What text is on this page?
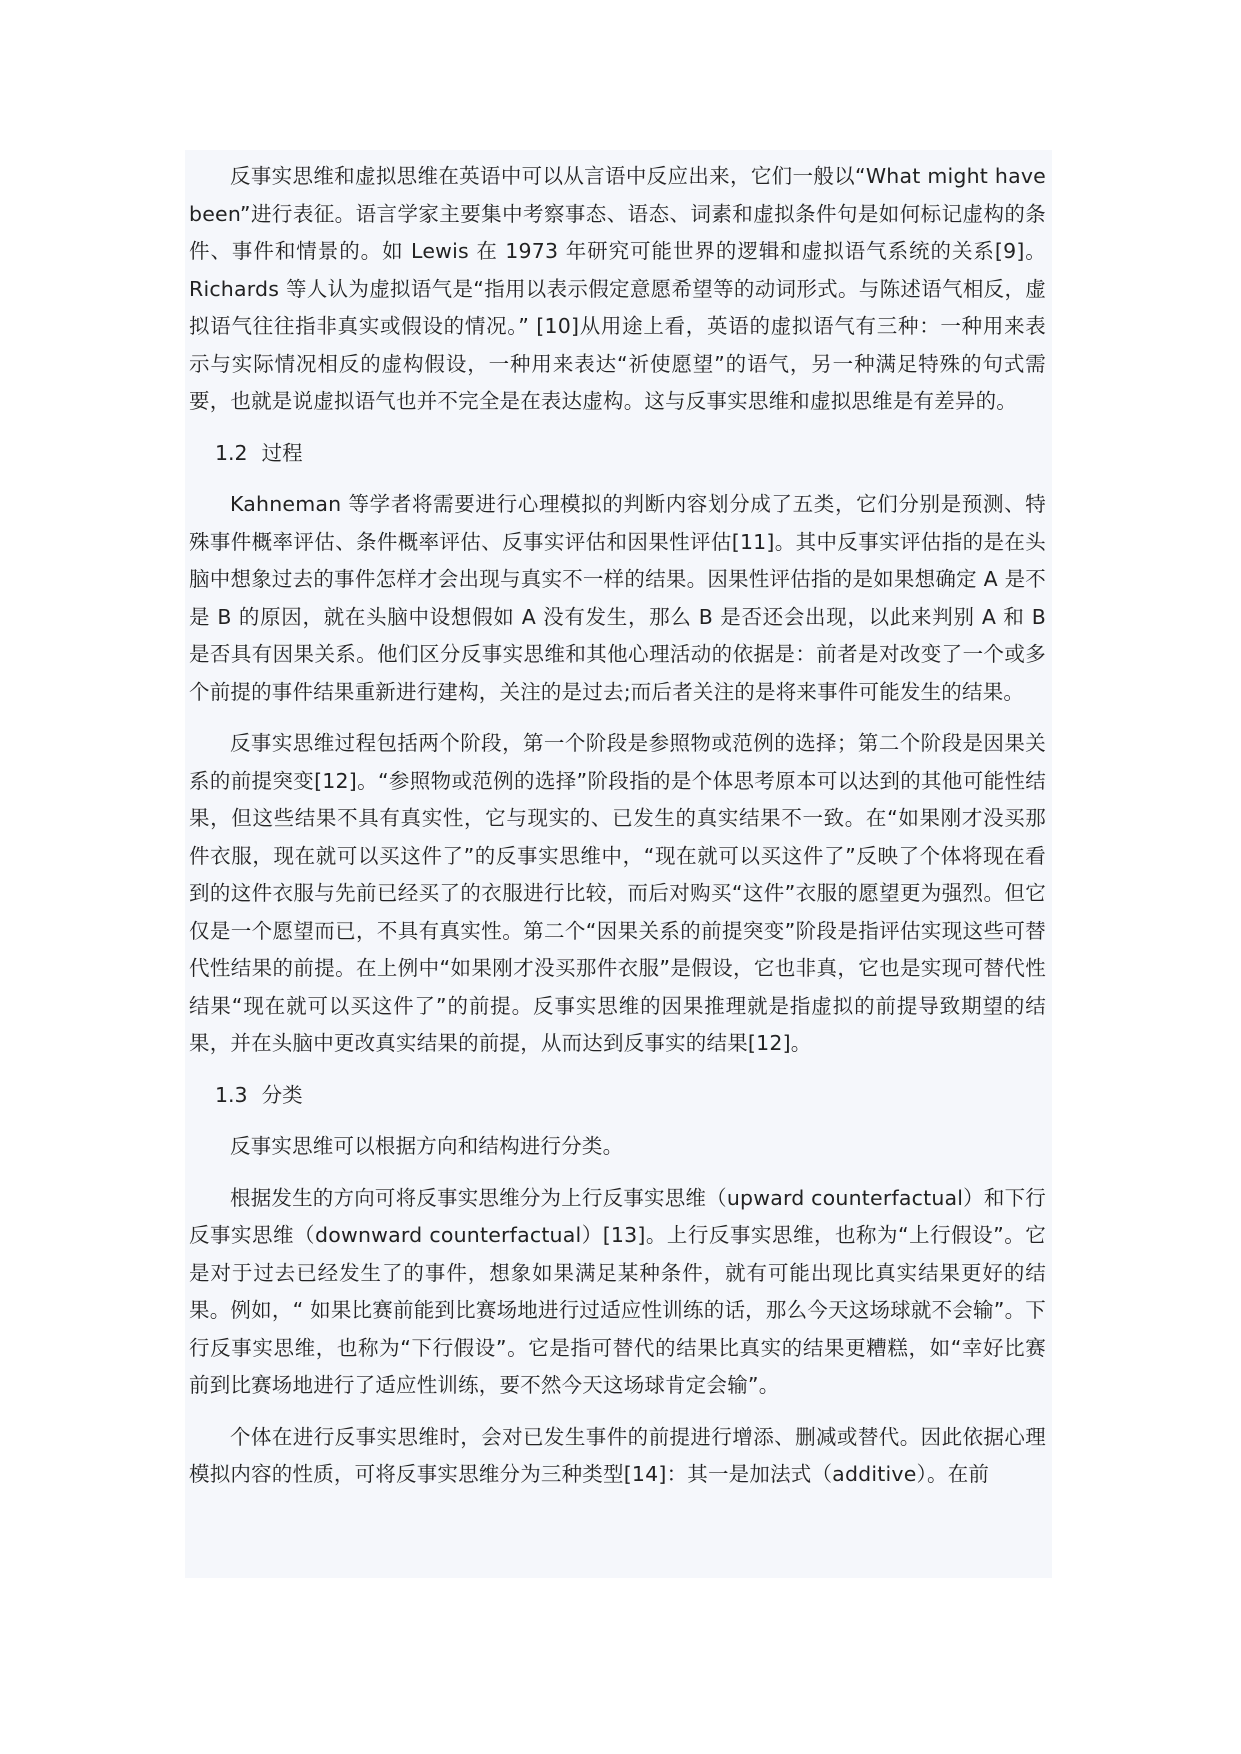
反事实思维和虚拟思维在英语中可以从言语中反应出来，它们一般以“What might have been”进行表征。语言学家主要集中考察事态、语态、词素和虚拟条件句是如何标记虚构的条件、事件和情景的。如 Lewis 在 1973 年研究可能世界的逻辑和虚拟语气系统的关系[9]。Richards 等人认为虚拟语气是“指用以表示假定意愿希望等的动词形式。与陈述语气相反，虚拟语气往往指非真实或假设的情况。” [10]从用途上看，英语的虚拟语气有三种：一种用来表示与实际情况相反的虚构假设，一种用来表达“祈使愿望”的语气，另一种满足特殊的句式需要，也就是说虚拟语气也并不完全是在表达虚构。这与反事实思维和虚拟思维是有差异的。

1.2 过程

Kahneman 等学者将需要进行心理模拟的判断内容划分成了五类，它们分别是预测、特殊事件概率评估、条件概率评估、反事实评估和因果性评估[11]。其中反事实评估指的是在头脑中想象过去的事件怎样才会出现与真实不一样的结果。因果性评估指的是如果想确定 A 是不是 B 的原因，就在头脑中设想假如 A 没有发生，那么 B 是否还会出现，以此来判别 A 和 B 是否具有因果关系。他们区分反事实思维和其他心理活动的依据是：前者是对改变了一个或多个前提的事件结果重新进行建构，关注的是过去;而后者关注的是将来事件可能发生的结果。

反事实思维过程包括两个阶段，第一个阶段是参照物或范例的选择；第二个阶段是因果关系的前提突变[12]。“参照物或范例的选择”阶段指的是个体思考原本可以达到的其他可能性结果，但这些结果不具有真实性，它与现实的、已发生的真实结果不一致。在“如果刚才没买那件衣服，现在就可以买这件了”的反事实思维中，“现在就可以买这件了”反映了个体将现在看到的这件衣服与先前已经买了的衣服进行比较，而后对购买“这件”衣服的愿望更为强烈。但它仅是一个愿望而已，不具有真实性。第二个“因果关系的前提突变”阶段是指评估实现这些可替代性结果的前提。在上例中“如果刚才没买那件衣服”是假设，它也非真，它也是实现可替代性结果“现在就可以买这件了”的前提。反事实思维的因果推理就是指虚拟的前提导致期望的结果，并在头脑中更改真实结果的前提，从而达到反事实的结果[12]。

1.3 分类

反事实思维可以根据方向和结构进行分类。

根据发生的方向可将反事实思维分为上行反事实思维（upward counterfactual）和下行反事实思维（downward counterfactual）[13]。上行反事实思维，也称为“上行假设”。它是对于过去已经发生了的事件，想象如果满足某种条件，就有可能出现比真实结果更好的结果。例如，“ 如果比赛前能到比赛场地进行过适应性训练的话，那么今天这场球就不会输”。下行反事实思维，也称为“下行假设”。它是指可替代的结果比真实的结果更糟糕，如“幸好比赛前到比赛场地进行了适应性训练，要不然今天这场球肯定会输”。

个体在进行反事实思维时，会对已发生事件的前提进行增添、删减或替代。因此依据心理模拟内容的性质，可将反事实思维分为三种类型[14]：其一是加法式（additive）。在前
